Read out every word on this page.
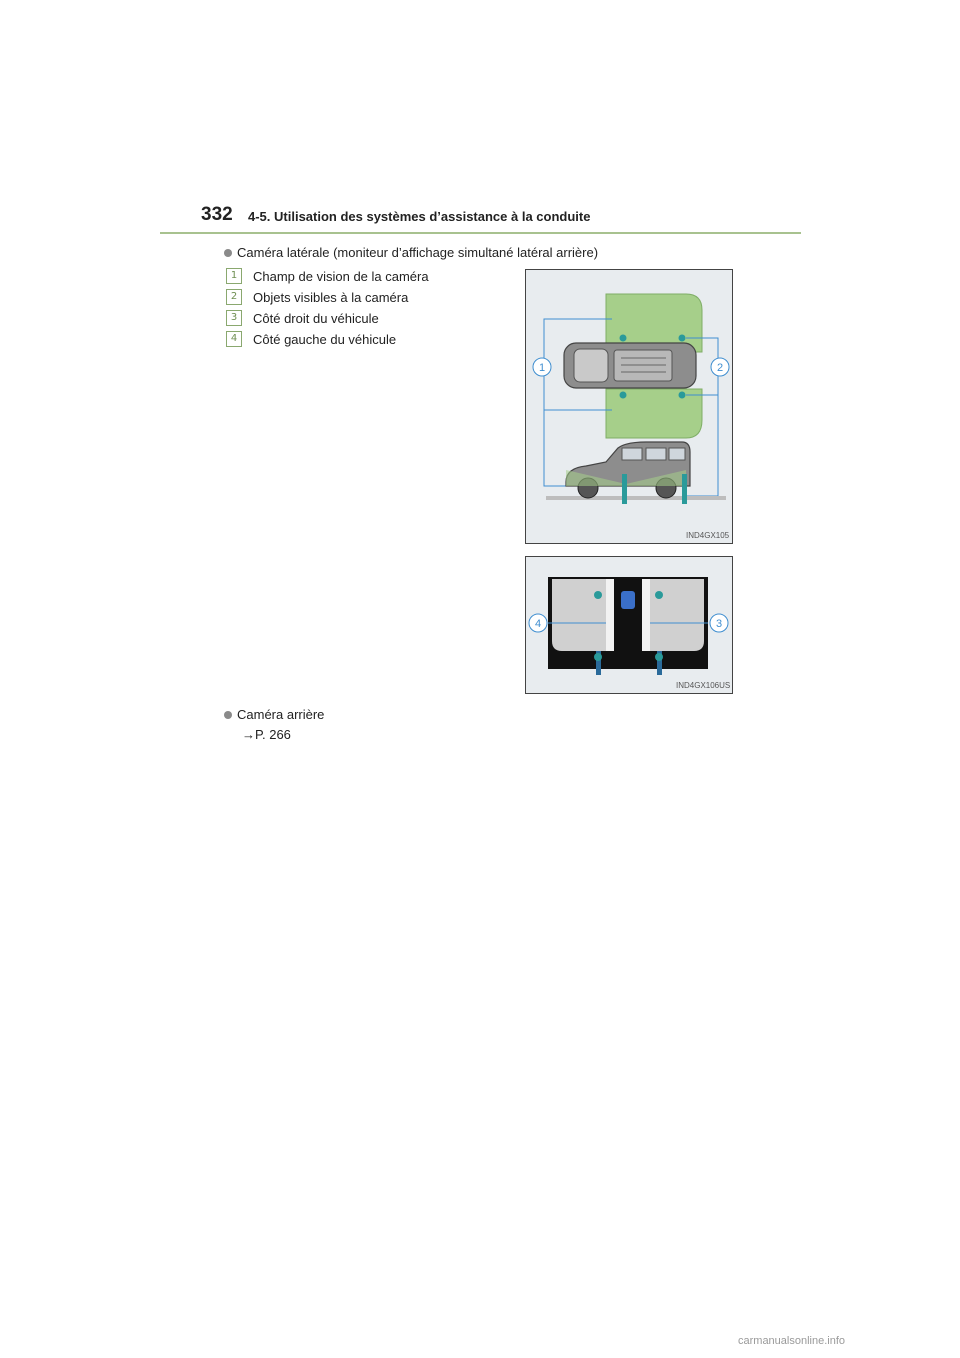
332 4-5. Utilisation des systèmes d’assistance à la conduite
Caméra latérale (moniteur d’affichage simultané latéral arrière)
1	Champ de vision de la caméra
2	Objets visibles à la caméra
3	Côté droit du véhicule
4	Côté gauche du véhicule
1	2
IND4GX105
4	3
IND4GX106US
Caméra arrière
→P. 266
carmanualsonline.info
